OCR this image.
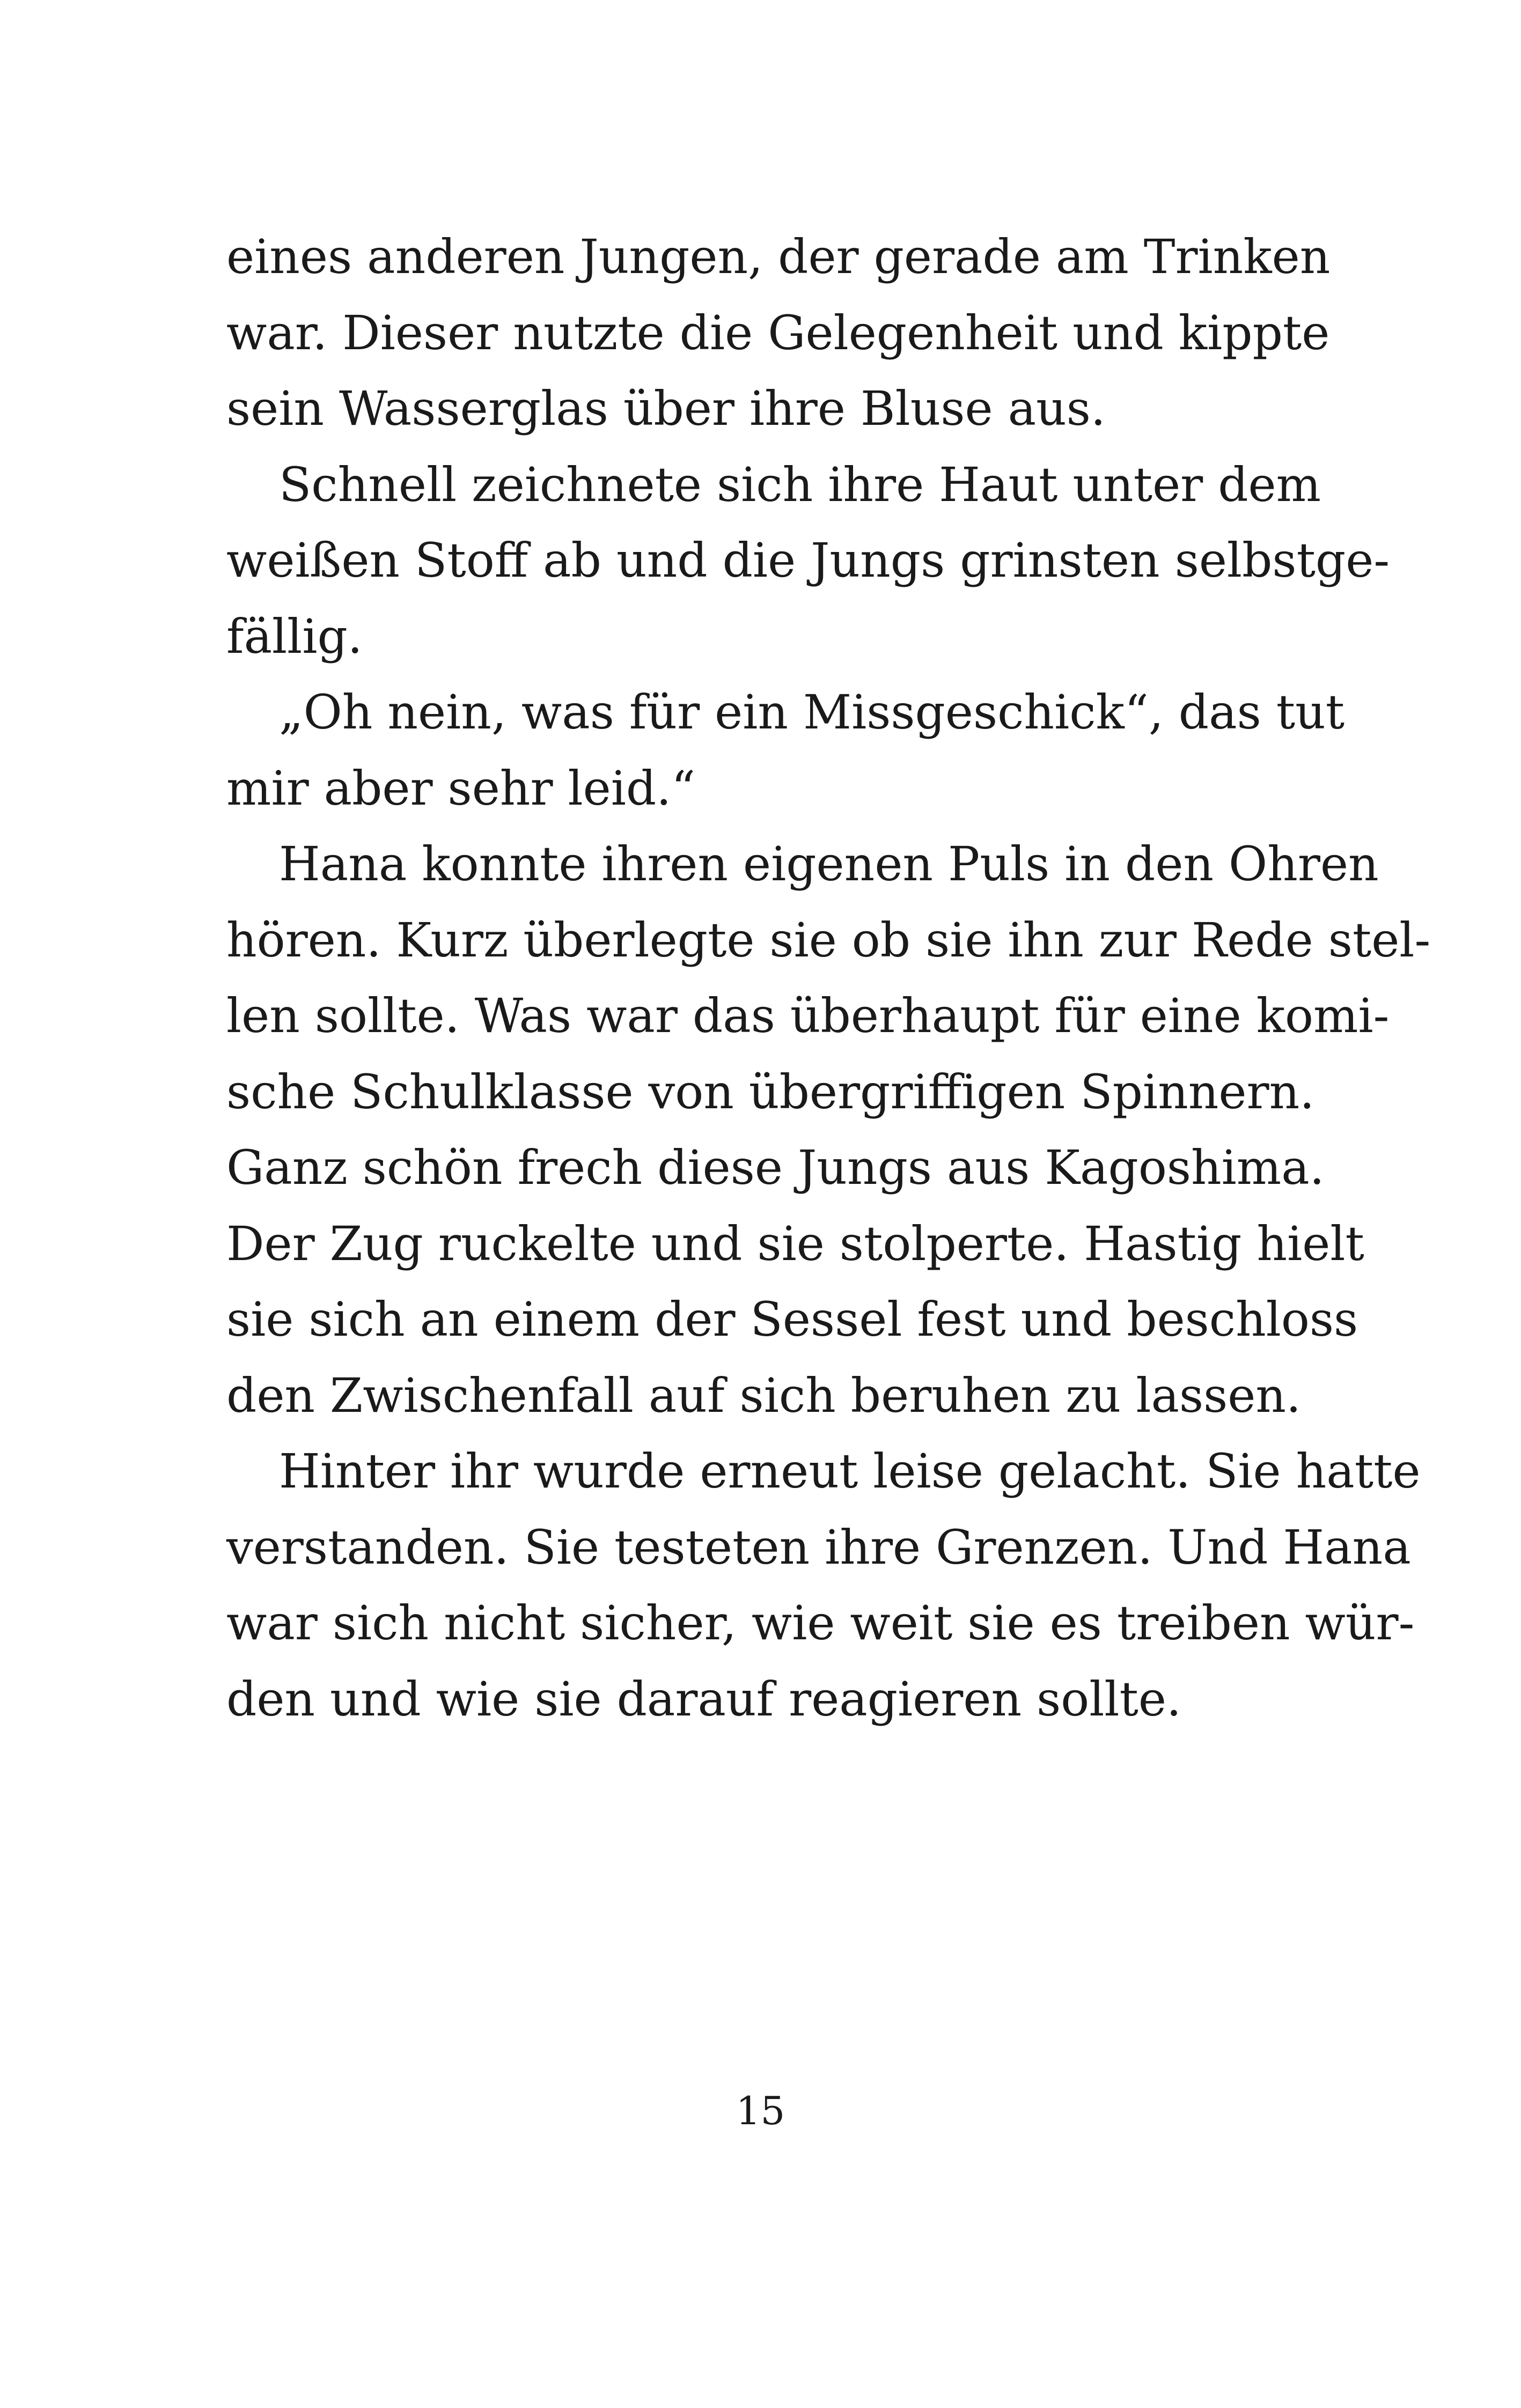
eines anderen Jungen, der gerade am Trinken
war. Dieser nutzte die Gelegenheit und kippte
sein Wasserglas über ihre Bluse aus.
Schnell zeichnete sich ihre Haut unter dem
weißen Stoff ab und die Jungs grinsten selbstge-
fällig.
„Oh nein, was für ein Missgeschick“, das tut
mir aber sehr leid.“
Hana konnte ihren eigenen Puls in den Ohren
hören. Kurz überlegte sie ob sie ihn zur Rede stel-
len sollte. Was war das überhaupt für eine komi-
sche Schulklasse von übergriffigen Spinnern.
Ganz schön frech diese Jungs aus Kagoshima.
Der Zug ruckelte und sie stolperte. Hastig hielt
sie sich an einem der Sessel fest und beschloss
den Zwischenfall auf sich beruhen zu lassen.
Hinter ihr wurde erneut leise gelacht. Sie hatte
verstanden. Sie testeten ihre Grenzen. Und Hana
war sich nicht sicher, wie weit sie es treiben wür-
den und wie sie darauf reagieren sollte.
15
